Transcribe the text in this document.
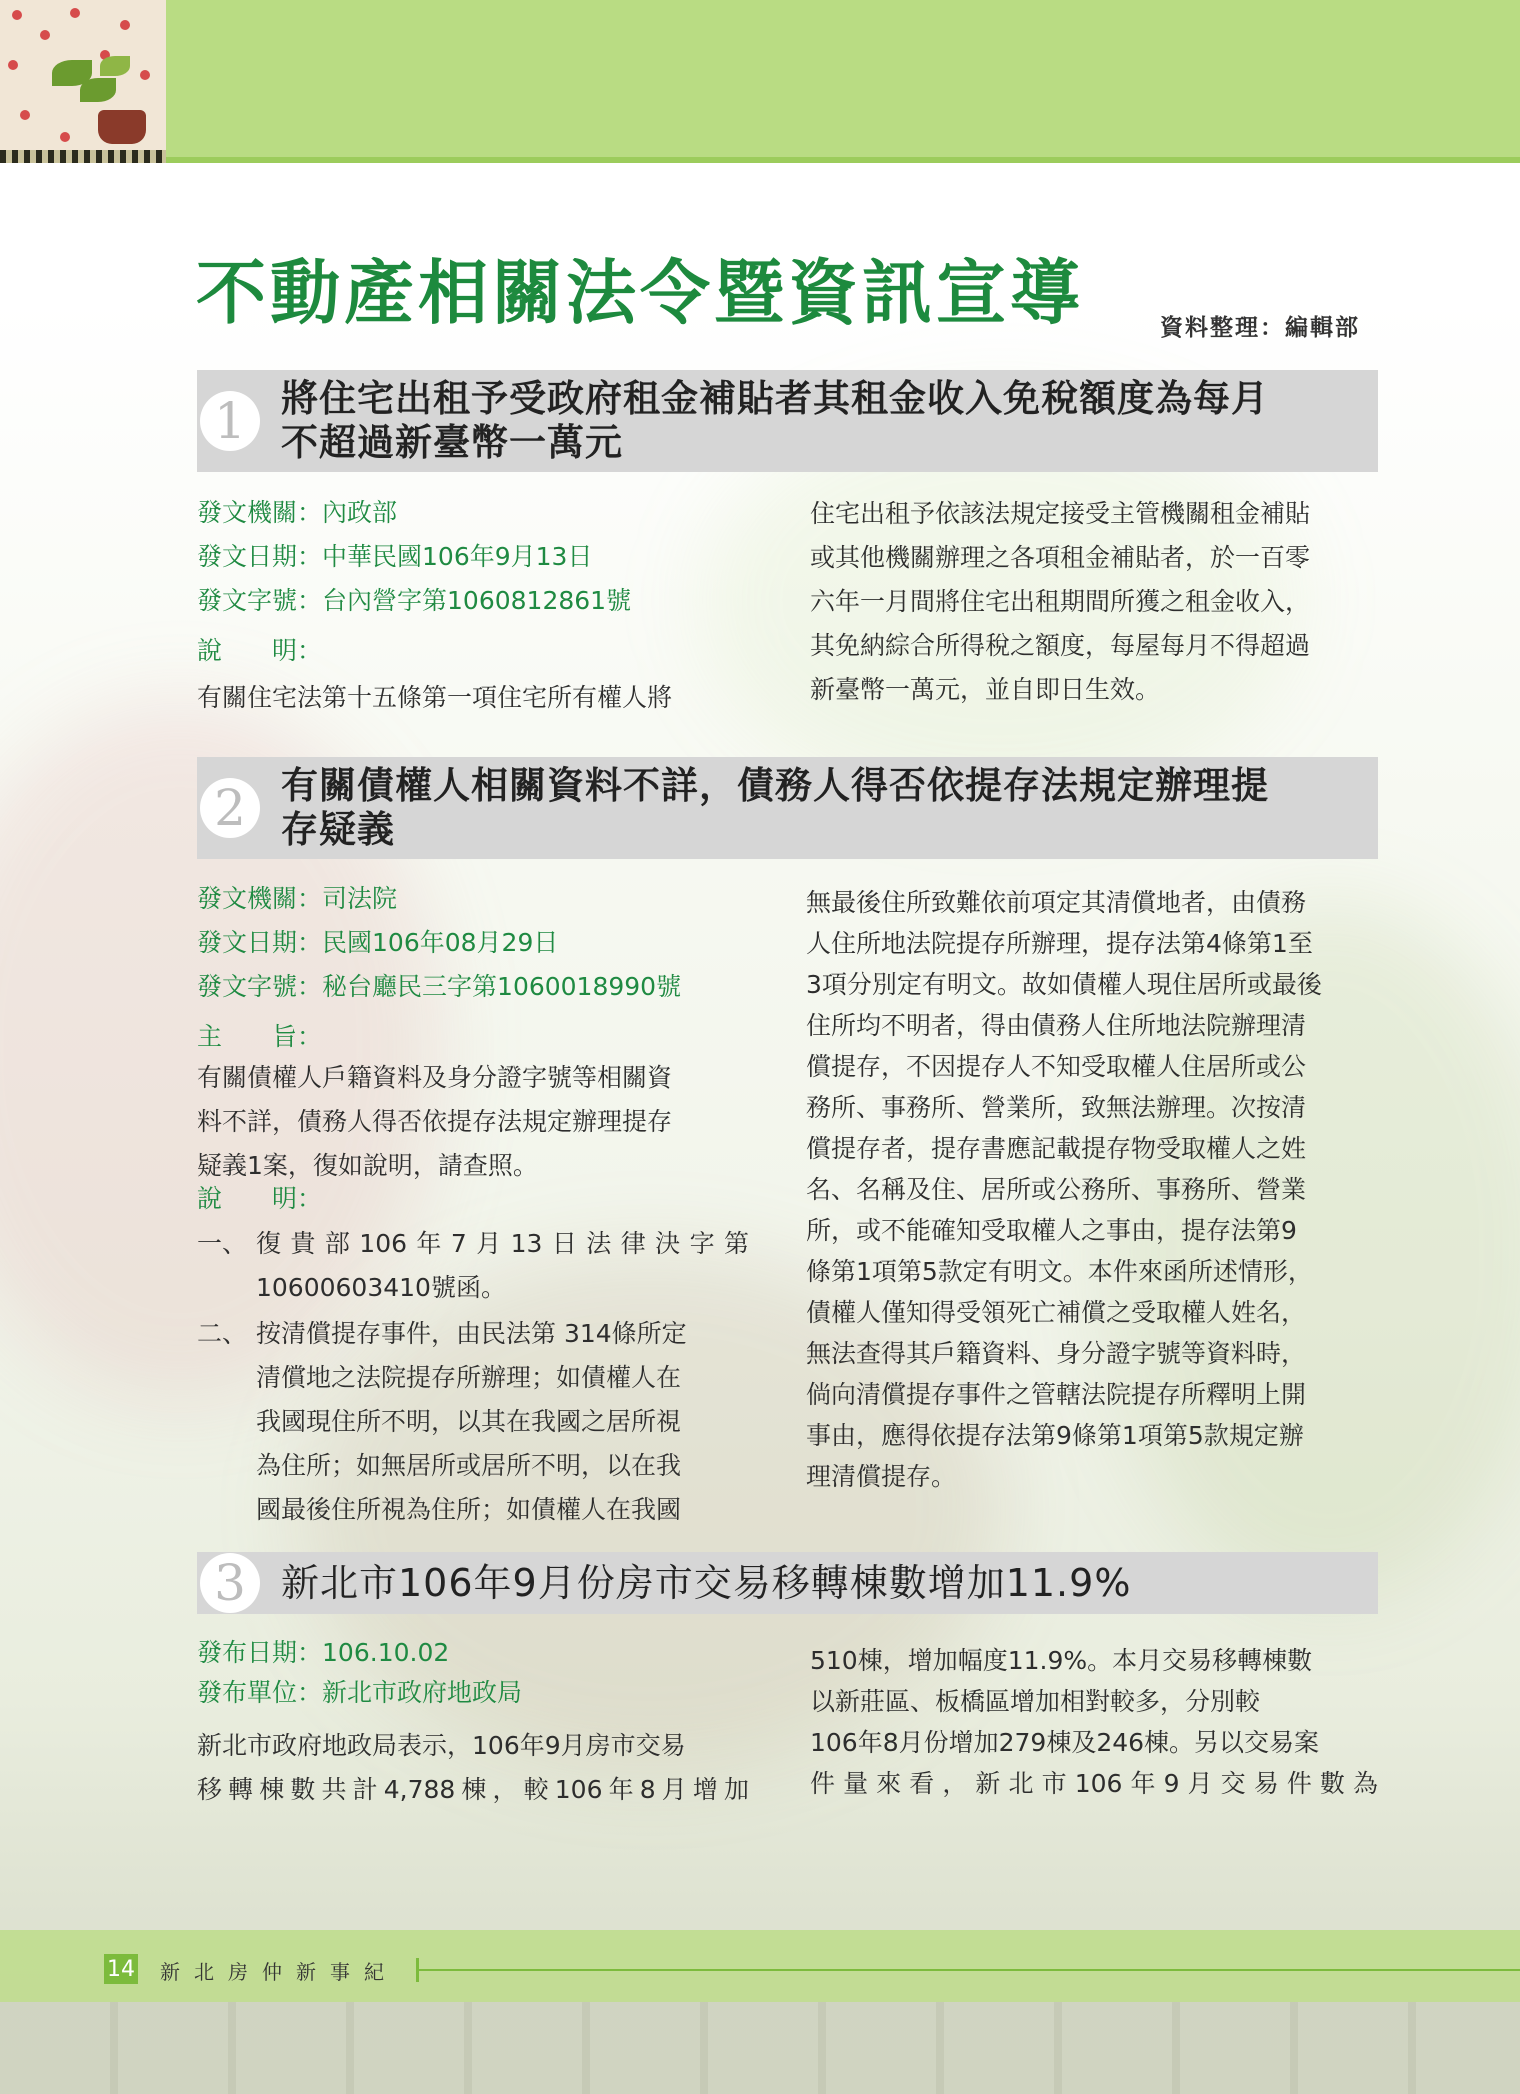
不動產相關法令暨資訊宣導	資料整理：編輯部
1 將住宅出租予受政府租金補貼者其租金收入免稅額度為每月
不超過新臺幣一萬元
發文機關：內政部
發文日期：中華民國106年9月13日
發文字號：台內營字第1060812861號
說　　明：
有關住宅法第十五條第一項住宅所有權人將
住宅出租予依該法規定接受主管機關租金補貼
或其他機關辦理之各項租金補貼者，於一百零
六年一月間將住宅出租期間所獲之租金收入，
其免納綜合所得稅之額度，每屋每月不得超過
新臺幣一萬元，並自即日生效。
2 有關債權人相關資料不詳，債務人得否依提存法規定辦理提
存疑義
發文機關：司法院
發文日期：民國106年08月29日
發文字號：秘台廳民三字第1060018990號
主　　旨：
有關債權人戶籍資料及身分證字號等相關資
料不詳，債務人得否依提存法規定辦理提存
疑義1案，復如說明，請查照。
說　　明：
一、 復貴部106年7月13日法律決字第
10600603410號函。
二、 按清償提存事件，由民法第 314條所定
清償地之法院提存所辦理；如債權人在
我國現住所不明，以其在我國之居所視
為住所；如無居所或居所不明，以在我
國最後住所視為住所；如債權人在我國
無最後住所致難依前項定其清償地者，由債務
人住所地法院提存所辦理，提存法第4條第1至
3項分別定有明文。故如債權人現住居所或最後
住所均不明者，得由債務人住所地法院辦理清
償提存，不因提存人不知受取權人住居所或公
務所、事務所、營業所，致無法辦理。次按清
償提存者，提存書應記載提存物受取權人之姓
名、名稱及住、居所或公務所、事務所、營業
所，或不能確知受取權人之事由，提存法第9
條第1項第5款定有明文。本件來函所述情形，
債權人僅知得受領死亡補償之受取權人姓名，
無法查得其戶籍資料、身分證字號等資料時，
倘向清償提存事件之管轄法院提存所釋明上開
事由，應得依提存法第9條第1項第5款規定辦
理清償提存。
3 新北市106年9月份房市交易移轉棟數增加11.9%
發布日期：106.10.02
發布單位：新北市政府地政局
新北市政府地政局表示，106年9月房市交易
移轉棟數共計4,788棟，較106年8月增加
510棟，增加幅度11.9%。本月交易移轉棟數
以新莊區、板橋區增加相對較多，分別較
106年8月份增加279棟及246棟。另以交易案
件量來看，新北市106年9月交易件數為
14 新北房仲新事紀
